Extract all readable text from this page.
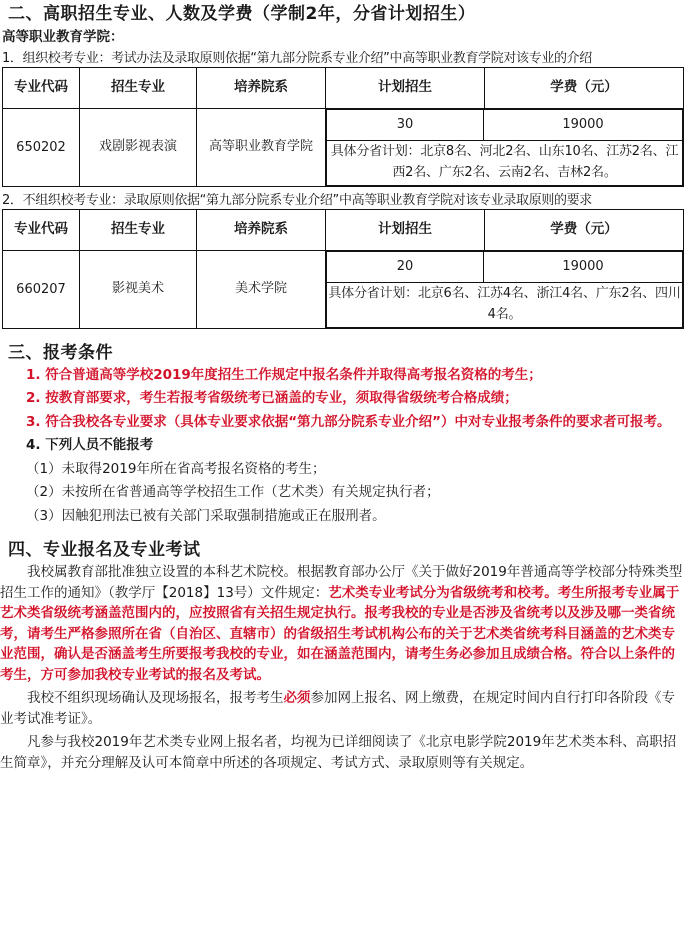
二、高职招生专业、人数及学费（学制2年，分省计划招生）
高等职业教育学院：
1．组织校考专业：考试办法及录取原则依据“第九部分院系专业介绍”中高等职业教育学院对该专业的介绍
专业代码	招生专业	培养院系	计划招生	学费（元）
650202	戏剧影视表演	高等职业教育学院	
30	19000
具体分省计划：北京8名、河北2名、山东10名、江苏2名、江西2名、广东2名、云南2名、吉林2名。
2．不组织校考专业：录取原则依据“第九部分院系专业介绍”中高等职业教育学院对该专业录取原则的要求
专业代码	招生专业	培养院系	计划招生	学费（元）
660207	影视美术	美术学院	
20	19000
具体分省计划：北京6名、江苏4名、浙江4名、广东2名、四川4名。
三、报考条件
1. 符合普通高等学校2019年度招生工作规定中报名条件并取得高考报名资格的考生；
2. 按教育部要求，考生若报考省级统考已涵盖的专业，须取得省级统考合格成绩；
3. 符合我校各专业要求（具体专业要求依据“第九部分院系专业介绍”）中对专业报考条件的要求者可报考。
4. 下列人员不能报考
（1）未取得2019年所在省高考报名资格的考生；
（2）未按所在省普通高等学校招生工作（艺术类）有关规定执行者；
（3）因触犯刑法已被有关部门采取强制措施或正在服刑者。
四、专业报名及专业考试
我校属教育部批准独立设置的本科艺术院校。根据教育部办公厅《关于做好2019年普通高等学校部分特殊类型招生工作的通知》（教学厅【2018】13号）文件规定：艺术类专业考试分为省级统考和校考。考生所报考专业属于艺术类省级统考涵盖范围内的，应按照省有关招生规定执行。报考我校的专业是否涉及省统考以及涉及哪一类省统考，请考生严格参照所在省（自治区、直辖市）的省级招生考试机构公布的关于艺术类省统考科目涵盖的艺术类专业范围，确认是否涵盖考生所要报考我校的专业，如在涵盖范围内，请考生务必参加且成绩合格。符合以上条件的考生，方可参加我校专业考试的报名及考试。
我校不组织现场确认及现场报名，报考考生必须参加网上报名、网上缴费，在规定时间内自行打印各阶段《专业考试准考证》。
凡参与我校2019年艺术类专业网上报名者，均视为已详细阅读了《北京电影学院2019年艺术类本科、高职招生简章》，并充分理解及认可本简章中所述的各项规定、考试方式、录取原则等有关规定。
